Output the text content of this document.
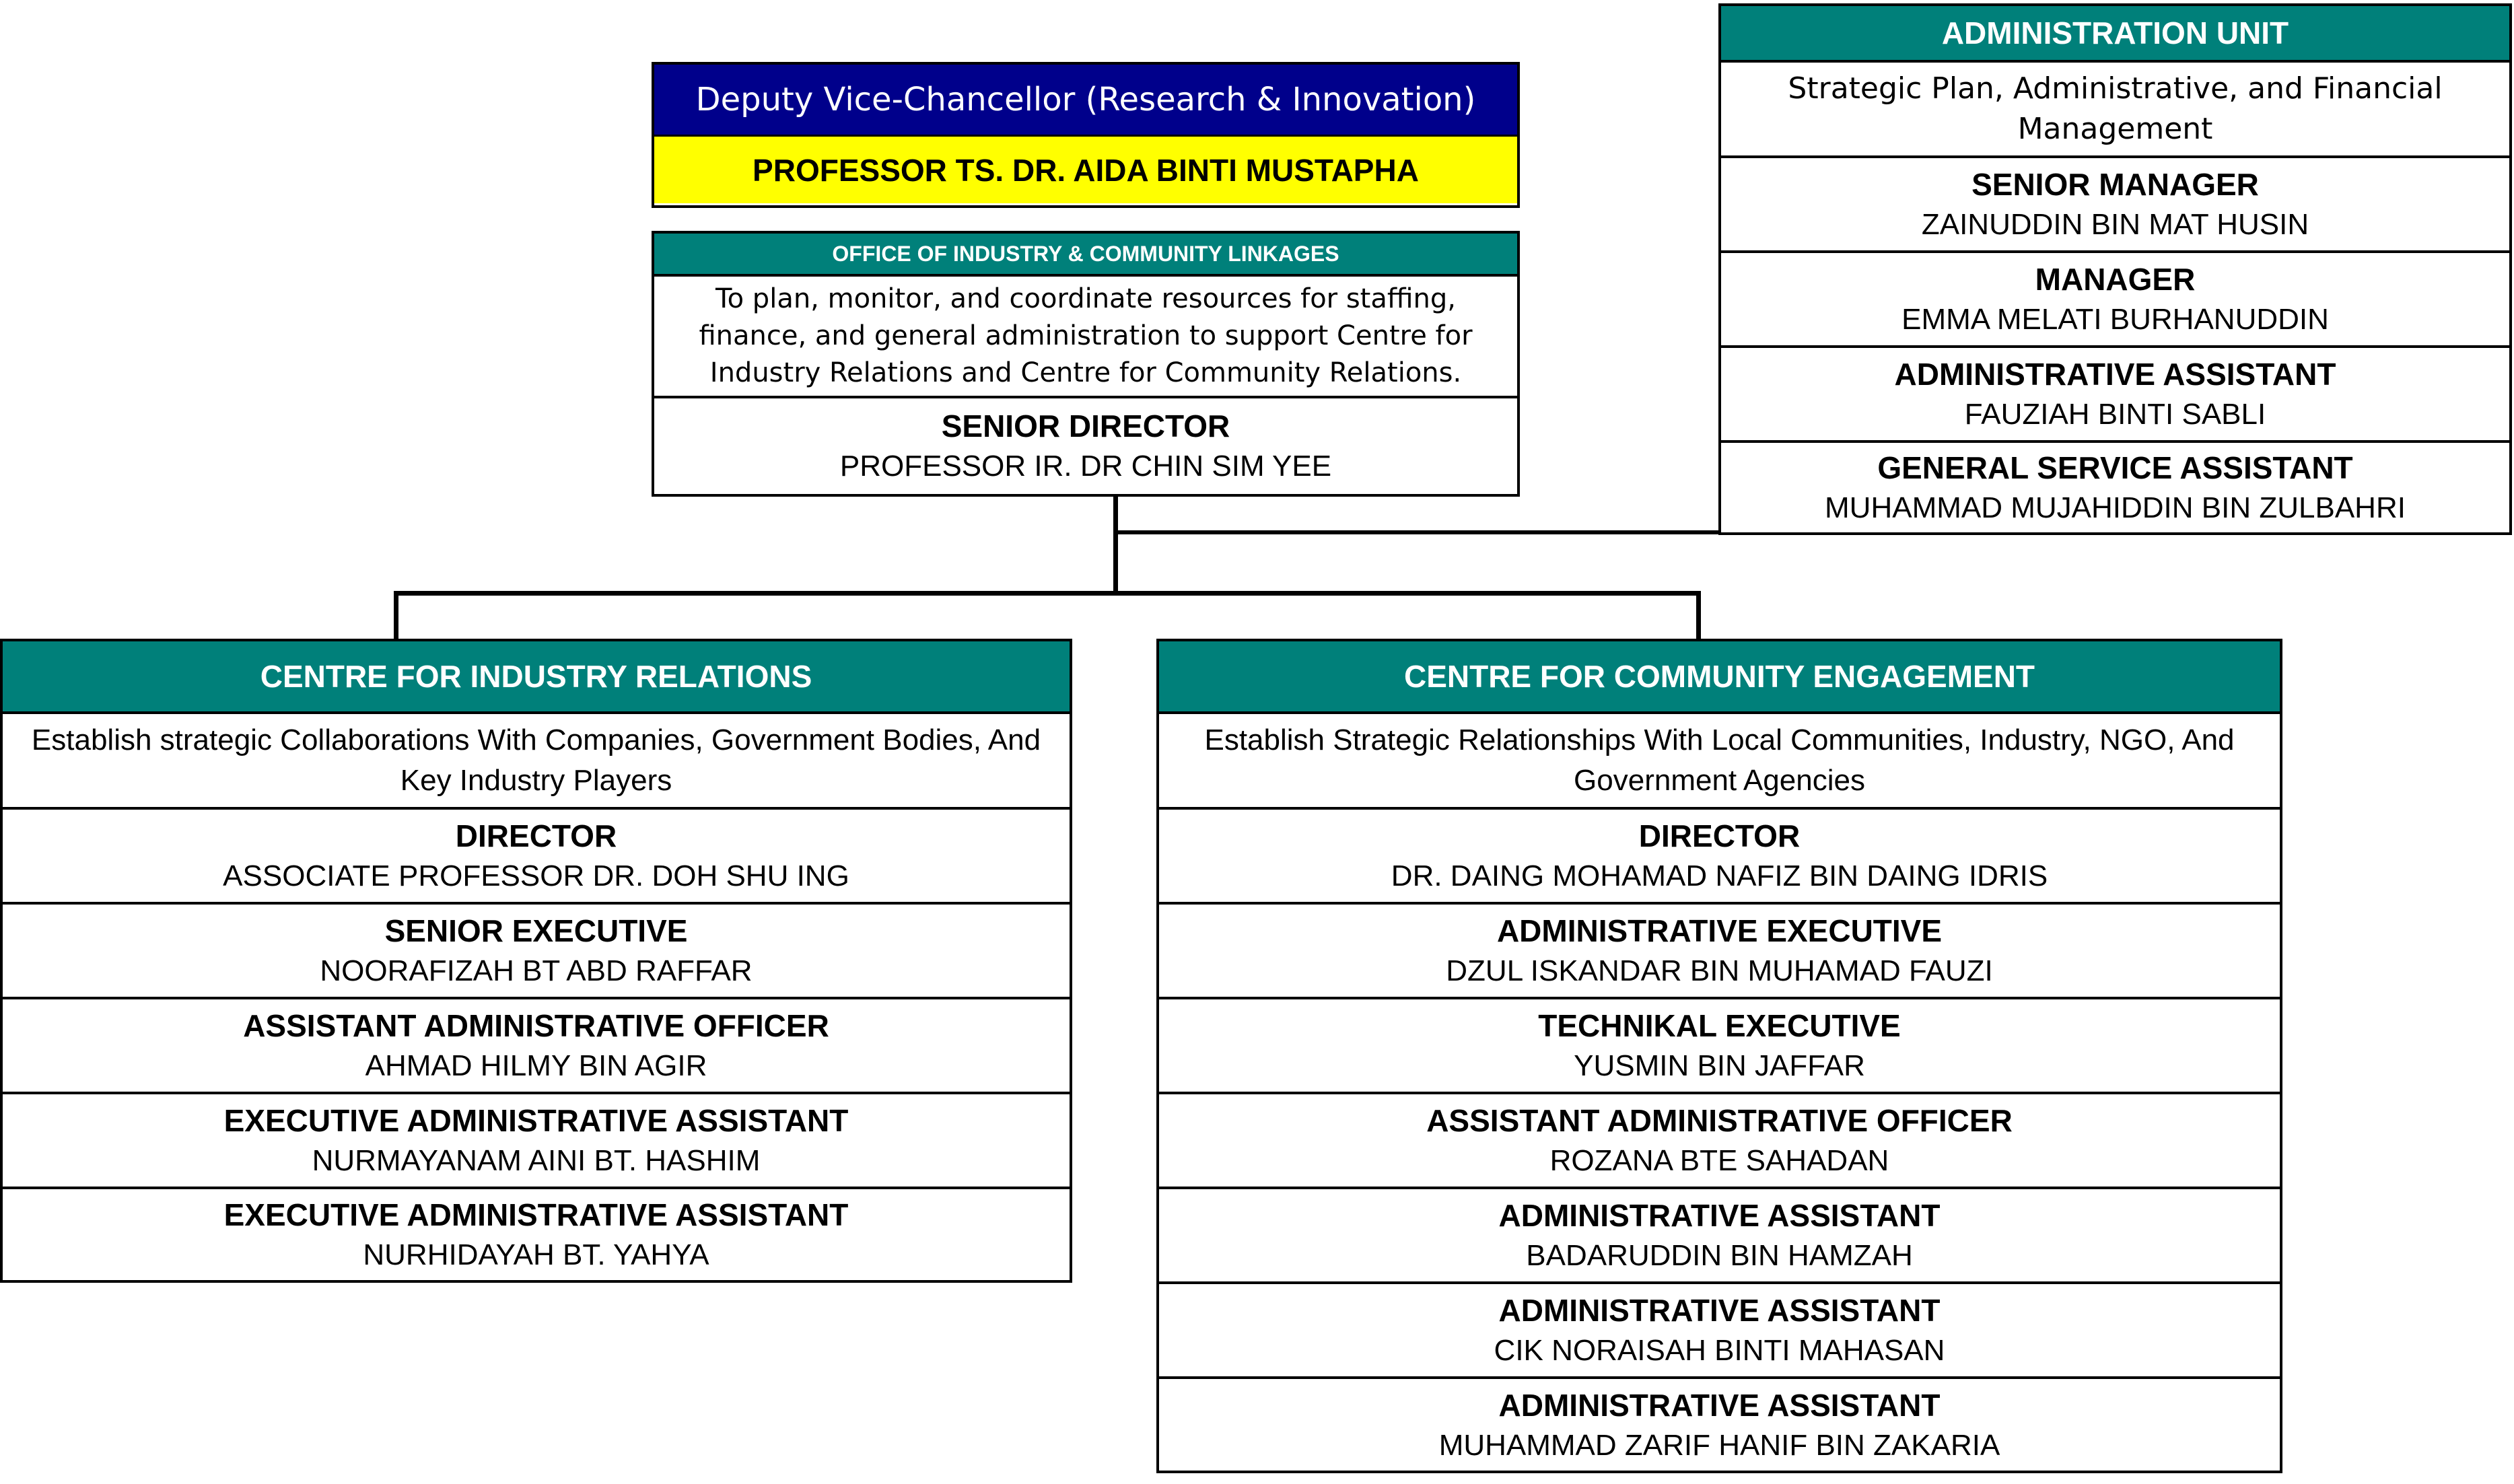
Deputy Vice-Chancellor (Research & Innovation)
PROFESSOR TS. DR. AIDA BINTI MUSTAPHA
OFFICE OF INDUSTRY & COMMUNITY LINKAGES
To plan, monitor, and coordinate resources for staffing, finance, and general administration to support Centre for Industry Relations and Centre for Community Relations.
SENIOR DIRECTOR
PROFESSOR IR. DR CHIN SIM YEE
ADMINISTRATION UNIT
Strategic Plan, Administrative, and Financial Management
SENIOR MANAGER
ZAINUDDIN BIN MAT HUSIN
MANAGER
EMMA MELATI BURHANUDDIN
ADMINISTRATIVE ASSISTANT
FAUZIAH BINTI SABLI
GENERAL SERVICE ASSISTANT
MUHAMMAD MUJAHIDDIN BIN ZULBAHRI
CENTRE FOR INDUSTRY RELATIONS
Establish strategic Collaborations With Companies, Government Bodies, And Key Industry Players
DIRECTOR
ASSOCIATE PROFESSOR DR. DOH SHU ING
SENIOR EXECUTIVE
NOORAFIZAH BT ABD RAFFAR
ASSISTANT ADMINISTRATIVE OFFICER
AHMAD HILMY BIN AGIR
EXECUTIVE ADMINISTRATIVE ASSISTANT
NURMAYANAM AINI BT. HASHIM
EXECUTIVE ADMINISTRATIVE ASSISTANT
NURHIDAYAH BT. YAHYA
CENTRE FOR COMMUNITY ENGAGEMENT
Establish Strategic Relationships With Local Communities, Industry, NGO, And Government Agencies
DIRECTOR
DR. DAING MOHAMAD NAFIZ BIN DAING IDRIS
ADMINISTRATIVE EXECUTIVE
DZUL ISKANDAR BIN MUHAMAD FAUZI
TECHNIKAL EXECUTIVE
YUSMIN BIN JAFFAR
ASSISTANT ADMINISTRATIVE OFFICER
ROZANA BTE SAHADAN
ADMINISTRATIVE ASSISTANT
BADARUDDIN BIN HAMZAH
ADMINISTRATIVE ASSISTANT
CIK NORAISAH BINTI MAHASAN
ADMINISTRATIVE ASSISTANT
MUHAMMAD ZARIF HANIF BIN ZAKARIA
